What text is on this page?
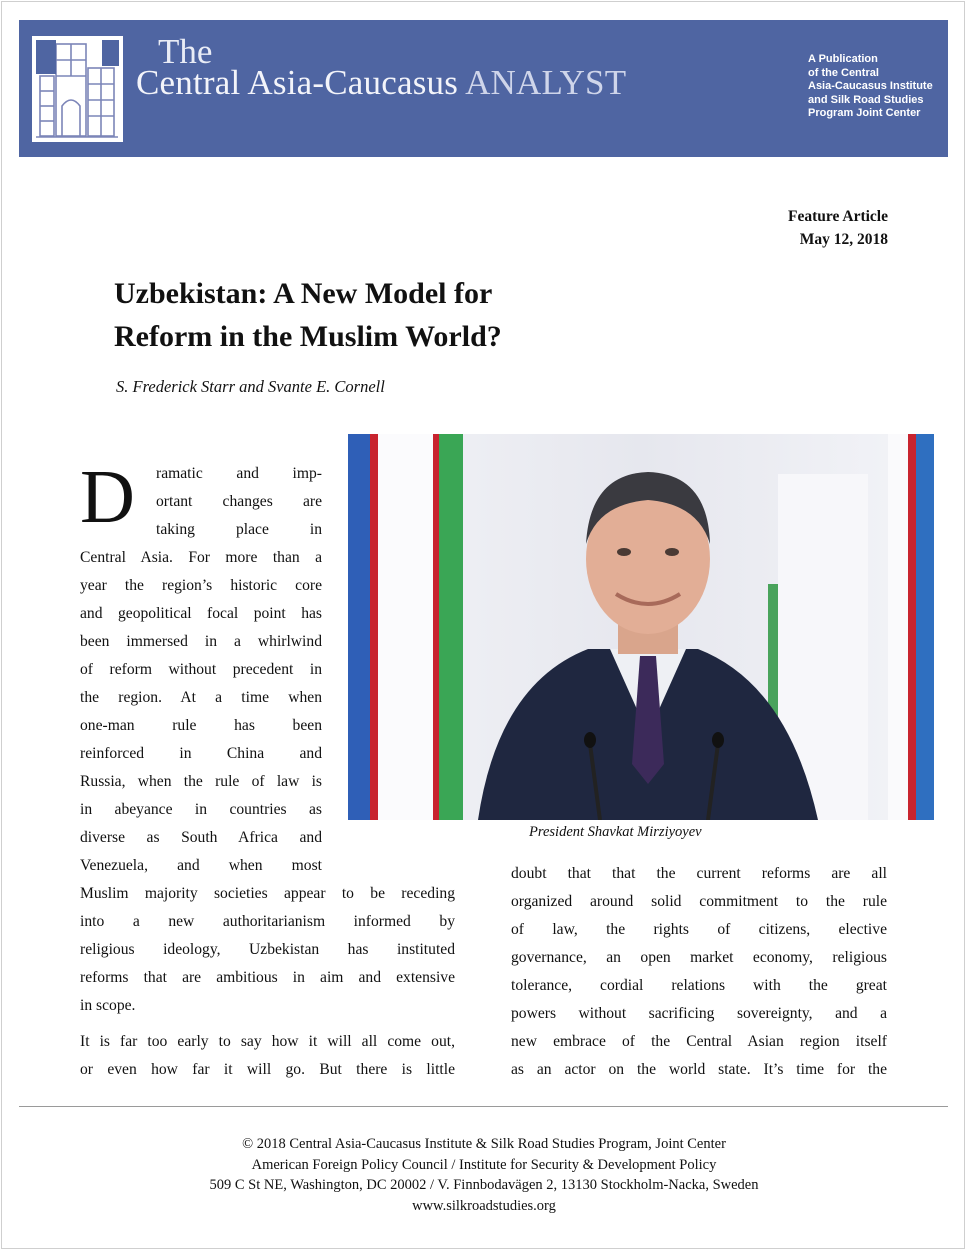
The
Central Asia-Caucasus ANALYST
A Publication
of the Central
Asia-Caucasus Institute
and Silk Road Studies
Program Joint Center
Feature Article
May 12, 2018
Uzbekistan: A New Model for
Reform in the Muslim World?
S. Frederick Starr and Svante E. Cornell
President Shavkat Mirziyoyev
D ramatic and imp-
ortant changes are
taking place in
Central Asia. For more than a
year the region’s historic core
and geopolitical focal point has
been immersed in a whirlwind
of reform without precedent in
the region. At a time when
one-man rule has been
reinforced in China and
Russia, when the rule of law is
in abeyance in countries as
diverse as South Africa and
Venezuela, and when most
Muslim majority societies appear to be receding
into a new authoritarianism informed by
religious ideology, Uzbekistan has instituted
reforms that are ambitious in aim and extensive
in scope.
It is far too early to say how it will all come out,
or even how far it will go. But there is little
doubt that that the current reforms are all
organized around solid commitment to the rule
of law, the rights of citizens, elective
governance, an open market economy, religious
tolerance, cordial relations with the great
powers without sacrificing sovereignty, and a
new embrace of the Central Asian region itself
as an actor on the world state. It’s time for the
© 2018 Central Asia-Caucasus Institute & Silk Road Studies Program, Joint Center
American Foreign Policy Council / Institute for Security & Development Policy
509 C St NE, Washington, DC 20002 / V. Finnbodavägen 2, 13130 Stockholm-Nacka, Sweden
www.silkroadstudies.org
